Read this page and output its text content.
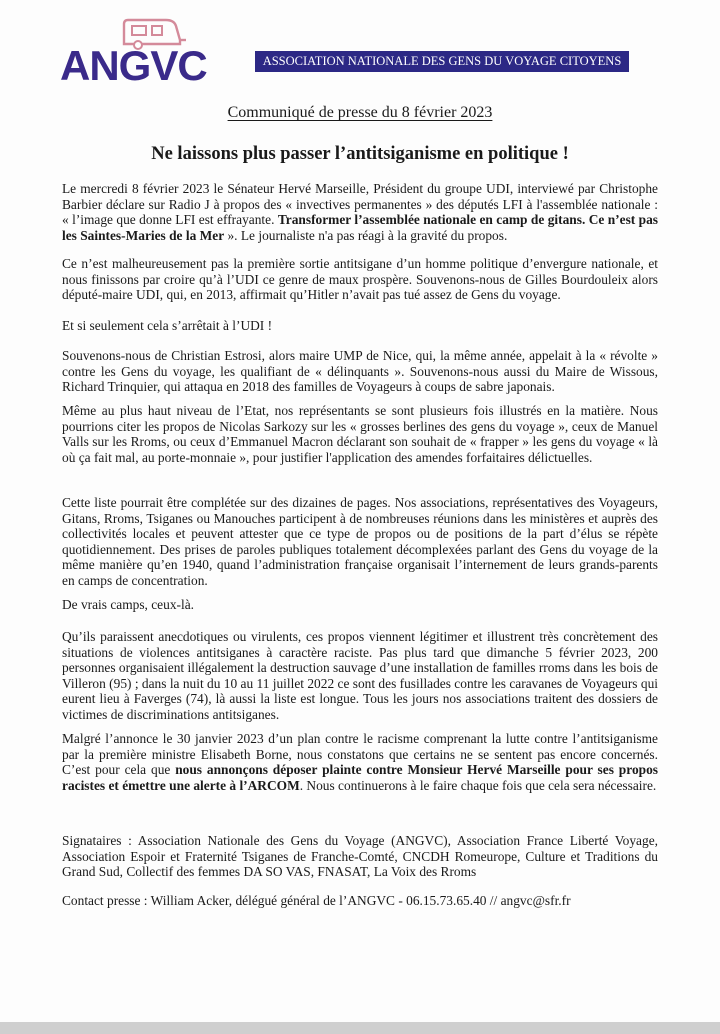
ANGVC	ASSOCIATION NATIONALE DES GENS DU VOYAGE CITOYENS
Communiqué de presse du 8 février 2023
Ne laissons plus passer l’antitsiganisme en politique !

Le mercredi 8 février 2023 le Sénateur Hervé Marseille, Président du groupe UDI, interviewé par Christophe Barbier déclare sur Radio J à propos des « invectives permanentes » des députés LFI à l'assemblée nationale : « l’image que donne LFI est effrayante. Transformer l’assemblée nationale en camp de gitans. Ce n’est pas les Saintes-Maries de la Mer ». Le journaliste n'a pas réagi à la gravité du propos.

Ce n’est malheureusement pas la première sortie antitsigane d’un homme politique d’envergure nationale, et nous finissons par croire qu’à l’UDI ce genre de maux prospère. Souvenons-nous de Gilles Bourdouleix alors député-maire UDI, qui, en 2013, affirmait qu’Hitler n’avait pas tué assez de Gens du voyage.

Et si seulement cela s’arrêtait à l’UDI !

Souvenons-nous de Christian Estrosi, alors maire UMP de Nice, qui, la même année, appelait à la « révolte » contre les Gens du voyage, les qualifiant de « délinquants ». Souvenons-nous aussi du Maire de Wissous, Richard Trinquier, qui attaqua en 2018 des familles de Voyageurs à coups de sabre japonais.

Même au plus haut niveau de l’Etat, nos représentants se sont plusieurs fois illustrés en la matière. Nous pourrions citer les propos de Nicolas Sarkozy sur les « grosses berlines des gens du voyage », ceux de Manuel Valls sur les Rroms, ou ceux d’Emmanuel Macron déclarant son souhait de « frapper » les gens du voyage « là où ça fait mal, au porte-monnaie », pour justifier l'application des amendes forfaitaires délictuelles.

Cette liste pourrait être complétée sur des dizaines de pages. Nos associations, représentatives des Voyageurs, Gitans, Rroms, Tsiganes ou Manouches participent à de nombreuses réunions dans les ministères et auprès des collectivités locales et peuvent attester que ce type de propos ou de positions de la part d’élus se répète quotidiennement. Des prises de paroles publiques totalement décomplexées parlant des Gens du voyage de la même manière qu’en 1940, quand l’administration française organisait l’internement de leurs grands-parents en camps de concentration.

De vrais camps, ceux-là.

Qu’ils paraissent anecdotiques ou virulents, ces propos viennent légitimer et illustrent très concrètement des situations de violences antitsiganes à caractère raciste. Pas plus tard que dimanche 5 février 2023, 200 personnes organisaient illégalement la destruction sauvage d’une installation de familles rroms dans les bois de Villeron (95) ; dans la nuit du 10 au 11 juillet 2022 ce sont des fusillades contre les caravanes de Voyageurs qui eurent lieu à Faverges (74), là aussi la liste est longue. Tous les jours nos associations traitent des dossiers de victimes de discriminations antitsiganes.

Malgré l’annonce le 30 janvier 2023 d’un plan contre le racisme comprenant la lutte contre l’antitsiganisme par la première ministre Elisabeth Borne, nous constatons que certains ne se sentent pas encore concernés. C’est pour cela que nous annonçons déposer plainte contre Monsieur Hervé Marseille pour ses propos racistes et émettre une alerte à l’ARCOM. Nous continuerons à le faire chaque fois que cela sera nécessaire.

Signataires : Association Nationale des Gens du Voyage (ANGVC), Association France Liberté Voyage, Association Espoir et Fraternité Tsiganes de Franche-Comté, CNCDH Romeurope, Culture et Traditions du Grand Sud, Collectif des femmes DA SO VAS, FNASAT, La Voix des Rroms

Contact presse : William Acker, délégué général de l’ANGVC - 06.15.73.65.40 // angvc@sfr.fr
